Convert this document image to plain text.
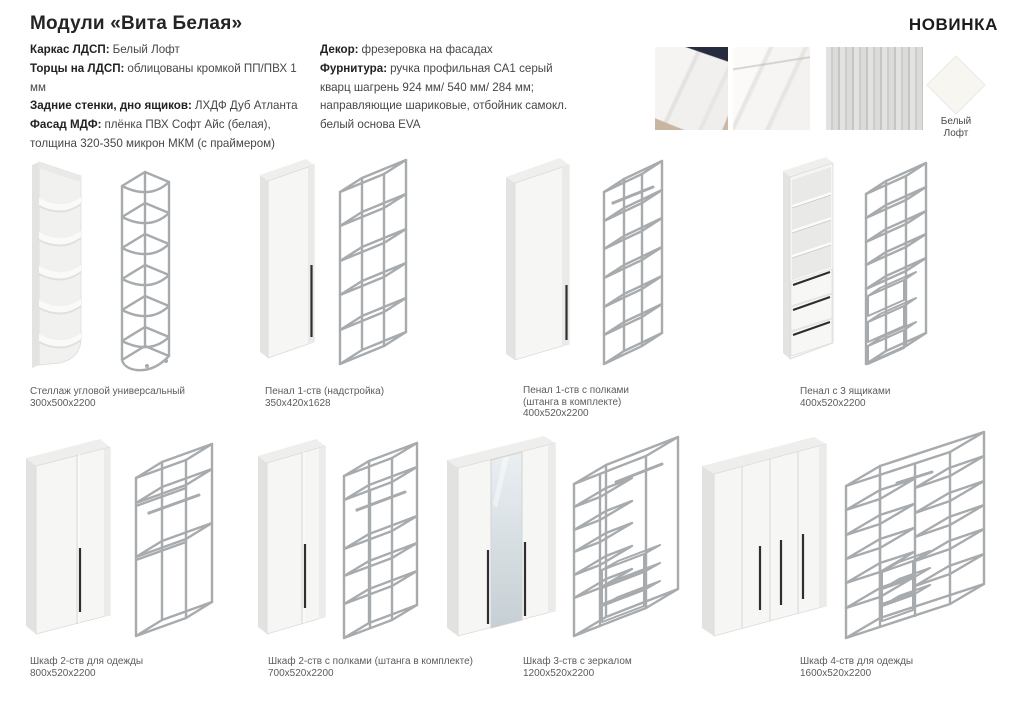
Модули «Вита Белая»	НОВИНКА
Каркас ЛДСП: Белый Лофт
Торцы на ЛДСП: облицованы кромкой ПП/ПВХ 1 мм
Задние стенки, дно ящиков: ЛХДФ Дуб Атланта
Фасад МДФ: плёнка ПВХ Софт Айс (белая),
толщина 320-350 микрон МКМ (с праймером)
Декор: фрезеровка на фасадах
Фурнитура: ручка профильная СА1 серый
кварц шагрень 924 мм/ 540 мм/ 284 мм;
направляющие шариковые, отбойник самокл.
белый основа EVA	Белый
Лофт
Стеллаж угловой универсальный
300х500х2200
Пенал 1-ств (надстройка)
350х420х1628
Пенал 1-ств с полками
(штанга в комплекте)
400х520х2200
Пенал с 3 ящиками
400х520х2200
Шкаф 2-ств для одежды
800х520х2200
Шкаф 2-ств с полками (штанга в комплекте)
700х520х2200
Шкаф 3-ств с зеркалом
1200х520х2200
Шкаф 4-ств для одежды
1600х520х2200
